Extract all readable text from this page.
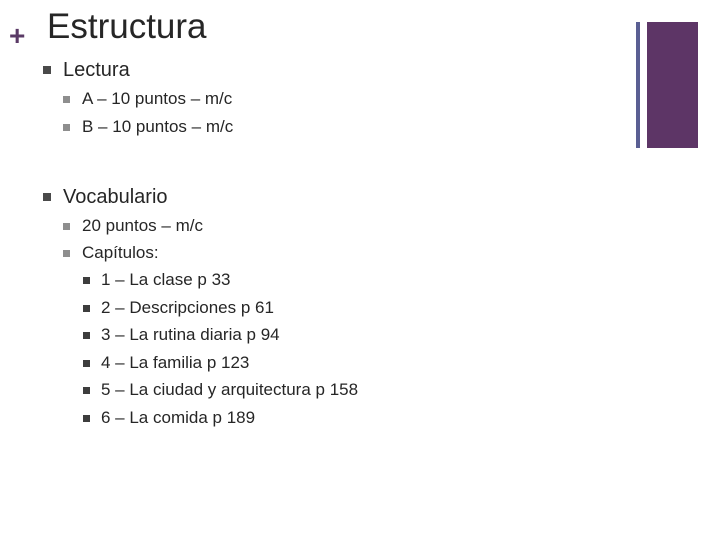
+ Estructura
Lectura
A – 10 puntos – m/c
B – 10 puntos – m/c
Vocabulario
20 puntos – m/c
Capítulos:
1 – La clase p 33
2 – Descripciones p 61
3 – La rutina diaria p 94
4 – La familia p 123
5 – La ciudad y arquitectura p 158
6 – La comida p 189
